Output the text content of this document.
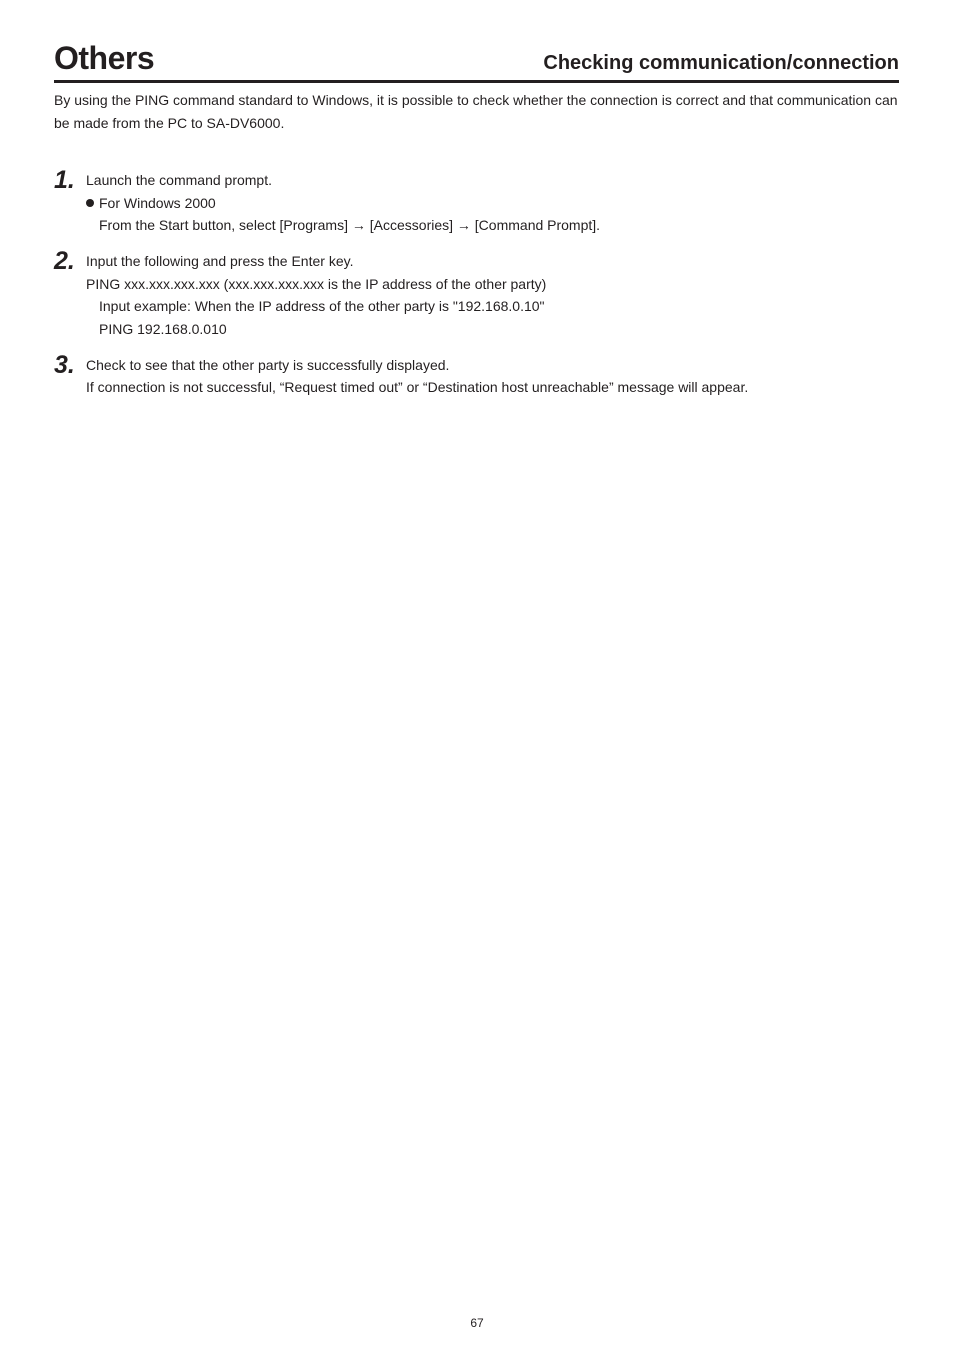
Others	Checking communication/connection

By using the PING command standard to Windows, it is possible to check whether the connection is correct and that communication can be made from the PC to SA-DV6000.

1. Launch the command prompt.
For Windows 2000
From the Start button, select [Programs] → [Accessories] → [Command Prompt].
2. Input the following and press the Enter key.
PING xxx.xxx.xxx.xxx (xxx.xxx.xxx.xxx is the IP address of the other party)
Input example: When the IP address of the other party is "192.168.0.10"
PING 192.168.0.010
3. Check to see that the other party is successfully displayed.
If connection is not successful, “Request timed out” or “Destination host unreachable” message will appear.
67
